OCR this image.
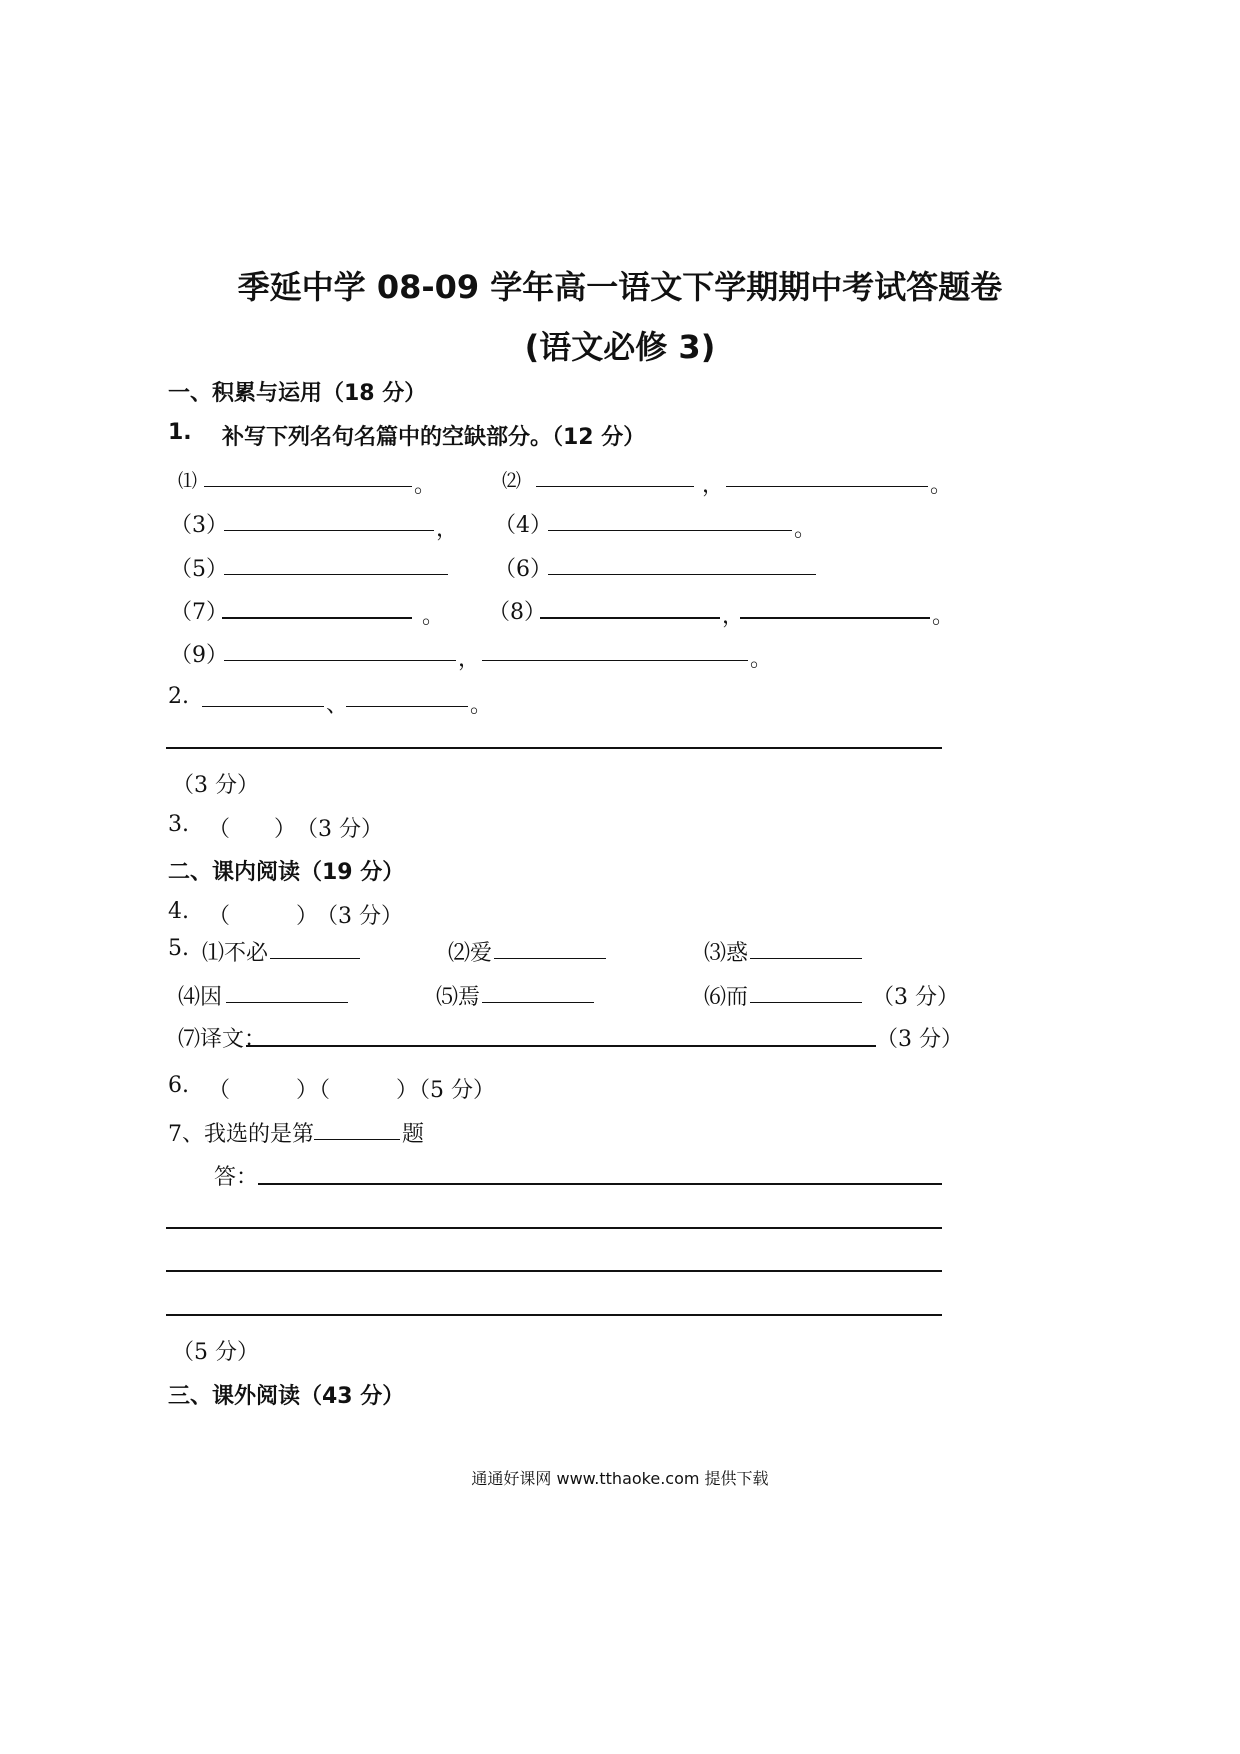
季延中学 08-09 学年高一语文下学期期中考试答题卷
(语文必修 3)
一、积累与运用（18 分）
1. 补写下列名句名篇中的空缺部分。（12 分）
⑴	。	⑵	，	。
（3）	， （4）	。
（5）	（6）
（7）	。 （8）	，	。
（9）	，	。
2.	、	。
（3 分）
3. （　　） （3 分）
二、课内阅读（19 分）
4. （　　　）
（3 分）
5. ⑴不必	⑵爱	⑶惑
⑷因	⑸焉	⑹而	（3 分）
⑺译文：	（3 分）
6. （　　　）
（　　　）
（5 分）
7、我选的是第	题
答：
（5 分）
三、课外阅读（43 分）
通通好课网 www.tthaoke.com 提供下载
